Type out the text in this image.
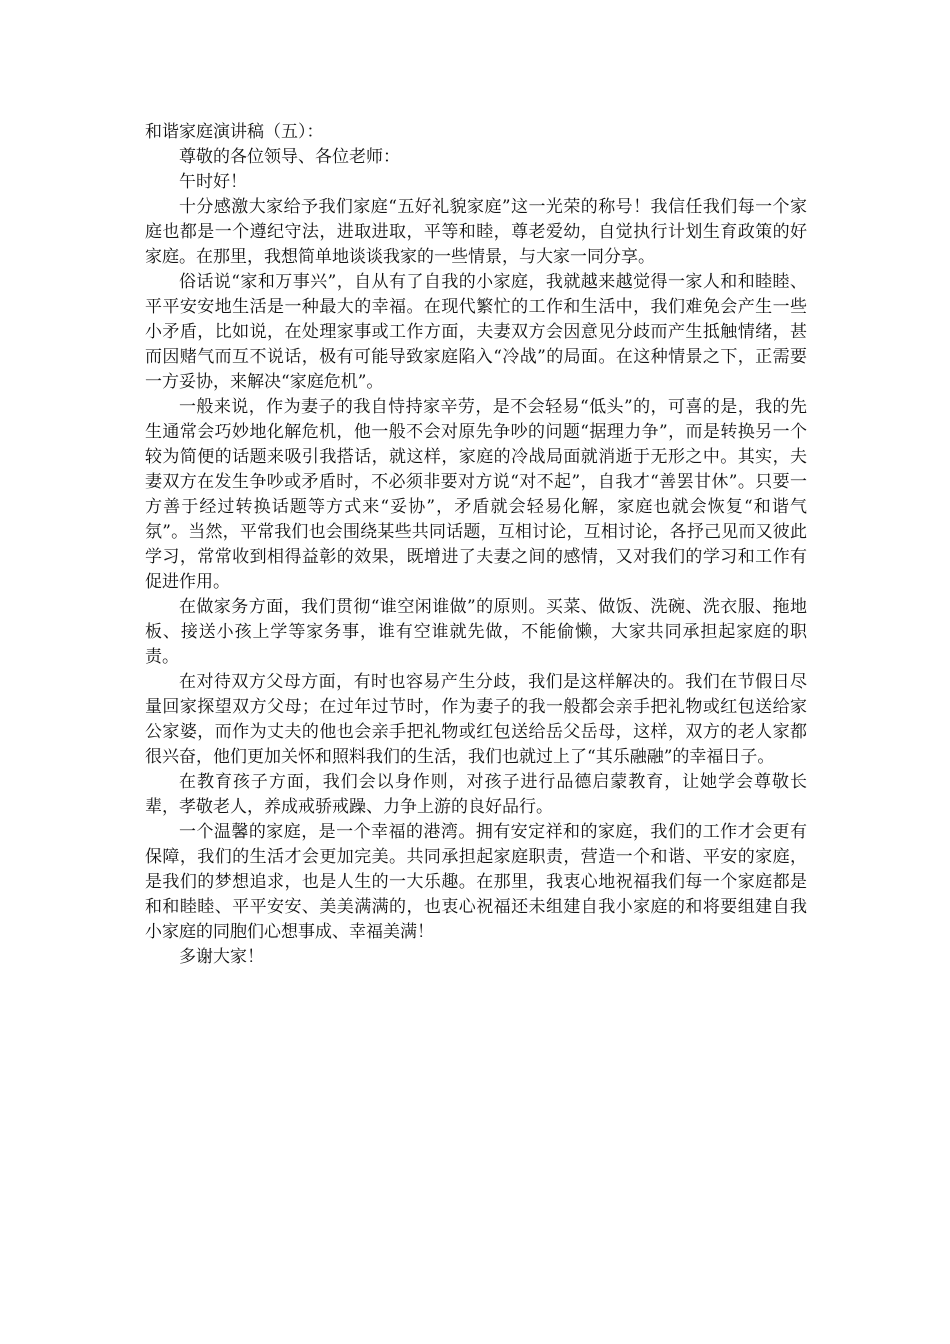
和谐家庭演讲稿（五）：

尊敬的各位领导、各位老师：

午时好！

十分感激大家给予我们家庭“五好礼貌家庭”这一光荣的称号！我信任我们每一个家庭也都是一个遵纪守法，进取进取，平等和睦，尊老爱幼，自觉执行计划生育政策的好家庭。在那里，我想简单地谈谈我家的一些情景，与大家一同分享。

俗话说“家和万事兴”，自从有了自我的小家庭，我就越来越觉得一家人和和睦睦、平平安安地生活是一种最大的幸福。在现代繁忙的工作和生活中，我们难免会产生一些小矛盾，比如说，在处理家事或工作方面，夫妻双方会因意见分歧而产生抵触情绪，甚而因赌气而互不说话，极有可能导致家庭陷入“冷战”的局面。在这种情景之下，正需要一方妥协，来解决“家庭危机”。

一般来说，作为妻子的我自恃持家辛劳，是不会轻易“低头”的，可喜的是，我的先生通常会巧妙地化解危机，他一般不会对原先争吵的问题“据理力争”，而是转换另一个较为简便的话题来吸引我搭话，就这样，家庭的冷战局面就消逝于无形之中。其实，夫妻双方在发生争吵或矛盾时，不必须非要对方说“对不起”，自我才“善罢甘休”。只要一方善于经过转换话题等方式来“妥协”，矛盾就会轻易化解，家庭也就会恢复“和谐气氛”。当然，平常我们也会围绕某些共同话题，互相讨论，互相讨论，各抒己见而又彼此学习，常常收到相得益彰的效果，既增进了夫妻之间的感情，又对我们的学习和工作有促进作用。

在做家务方面，我们贯彻“谁空闲谁做”的原则。买菜、做饭、洗碗、洗衣服、拖地板、接送小孩上学等家务事，谁有空谁就先做，不能偷懒，大家共同承担起家庭的职责。

在对待双方父母方面，有时也容易产生分歧，我们是这样解决的。我们在节假日尽量回家探望双方父母；在过年过节时，作为妻子的我一般都会亲手把礼物或红包送给家公家婆，而作为丈夫的他也会亲手把礼物或红包送给岳父岳母，这样，双方的老人家都很兴奋，他们更加关怀和照料我们的生活，我们也就过上了“其乐融融”的幸福日子。

在教育孩子方面，我们会以身作则，对孩子进行品德启蒙教育，让她学会尊敬长辈，孝敬老人，养成戒骄戒躁、力争上游的良好品行。

一个温馨的家庭，是一个幸福的港湾。拥有安定祥和的家庭，我们的工作才会更有保障，我们的生活才会更加完美。共同承担起家庭职责，营造一个和谐、平安的家庭，是我们的梦想追求，也是人生的一大乐趣。在那里，我衷心地祝福我们每一个家庭都是和和睦睦、平平安安、美美满满的，也衷心祝福还未组建自我小家庭的和将要组建自我小家庭的同胞们心想事成、幸福美满！

多谢大家！
